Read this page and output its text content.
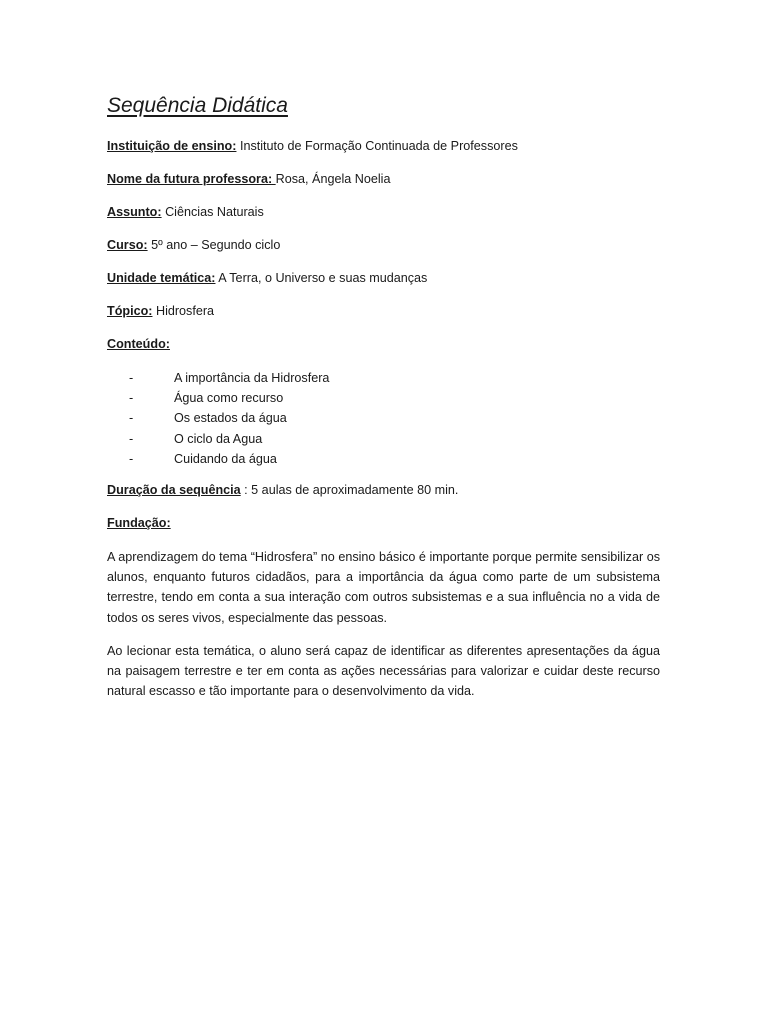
Sequência Didática

Instituição de ensino: Instituto de Formação Continuada de Professores

Nome da futura professora: Rosa, Ángela Noelia

Assunto: Ciências Naturais

Curso: 5º ano – Segundo ciclo

Unidade temática: A Terra, o Universo e suas mudanças

Tópico: Hidrosfera

Conteúdo:

-	A importância da Hidrosfera
-	Água como recurso
-	Os estados da água
-	O ciclo da Agua
-	Cuidando da água

Duração da sequência : 5 aulas de aproximadamente 80 min.

Fundação:

A aprendizagem do tema “Hidrosfera” no ensino básico é importante porque permite sensibilizar os alunos, enquanto futuros cidadãos, para a importância da água como parte de um subsistema terrestre, tendo em conta a sua interação com outros subsistemas e a sua influência no a vida de todos os seres vivos, especialmente das pessoas.

Ao lecionar esta temática, o aluno será capaz de identificar as diferentes apresentações da água na paisagem terrestre e ter em conta as ações necessárias para valorizar e cuidar deste recurso natural escasso e tão importante para o desenvolvimento da vida.
